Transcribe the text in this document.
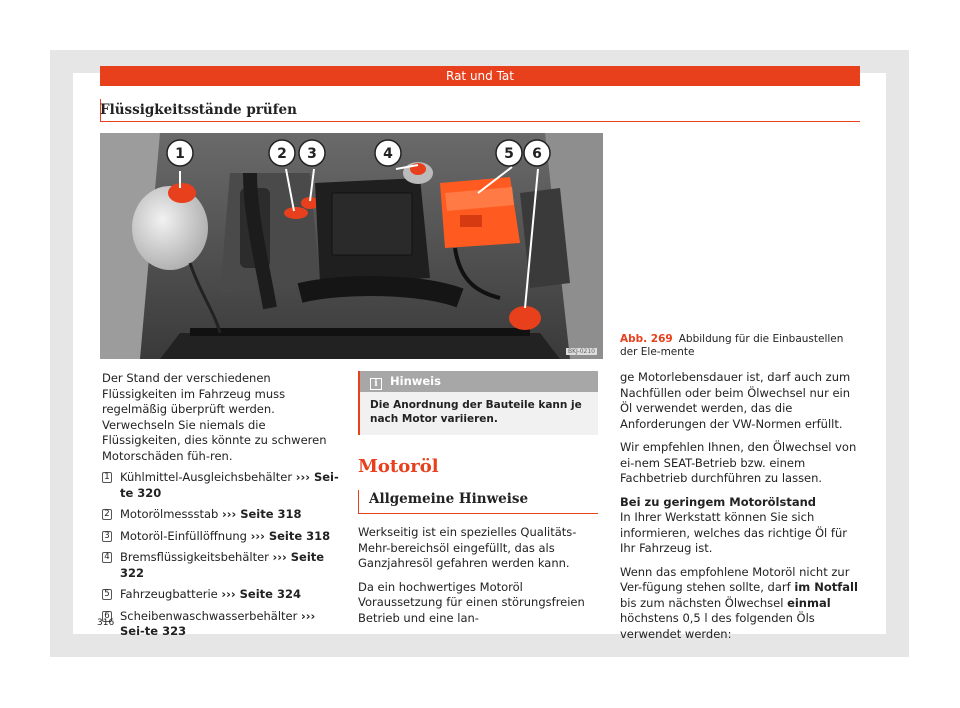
Rat und Tat
Flüssigkeitsstände prüfen
1	2 3	4	5 6
BKJ-0210
Abb. 269 Abbildung für die Einbaustellen der Ele-mente

Der Stand der verschiedenen Flüssigkeiten im Fahrzeug muss regelmäßig überprüft werden. Verwechseln Sie niemals die Flüssigkeiten, dies könnte zu schweren Motorschäden füh-ren.

1 Kühlmittel-Ausgleichsbehälter ››› Sei-te 320
2 Motorölmessstab ››› Seite 318
3 Motoröl-Einfüllöffnung ››› Seite 318
4 Bremsflüssigkeitsbehälter ››› Seite 322
5 Fahrzeugbatterie ››› Seite 324
6 Scheibenwaschwasserbehälter ››› Sei-te 323
i Hinweis
Die Anordnung der Bauteile kann je nach Motor variieren.
Motoröl
Allgemeine Hinweise

Werkseitig ist ein spezielles Qualitäts-Mehr-bereichsöl eingefüllt, das als Ganzjahresöl gefahren werden kann.

Da ein hochwertiges Motoröl Voraussetzung für einen störungsfreien Betrieb und eine lan-

ge Motorlebensdauer ist, darf auch zum Nachfüllen oder beim Ölwechsel nur ein Öl verwendet werden, das die Anforderungen der VW-Normen erfüllt.

Wir empfehlen Ihnen, den Ölwechsel von ei-nem SEAT-Betrieb bzw. einem Fachbetrieb durchführen zu lassen.

Bei zu geringem Motorölstand

In Ihrer Werkstatt können Sie sich informieren, welches das richtige Öl für Ihr Fahrzeug ist.

Wenn das empfohlene Motoröl nicht zur Ver-fügung stehen sollte, darf im Notfall bis zum nächsten Ölwechsel einmal höchstens 0,5 l des folgenden Öls verwendet werden:

316
